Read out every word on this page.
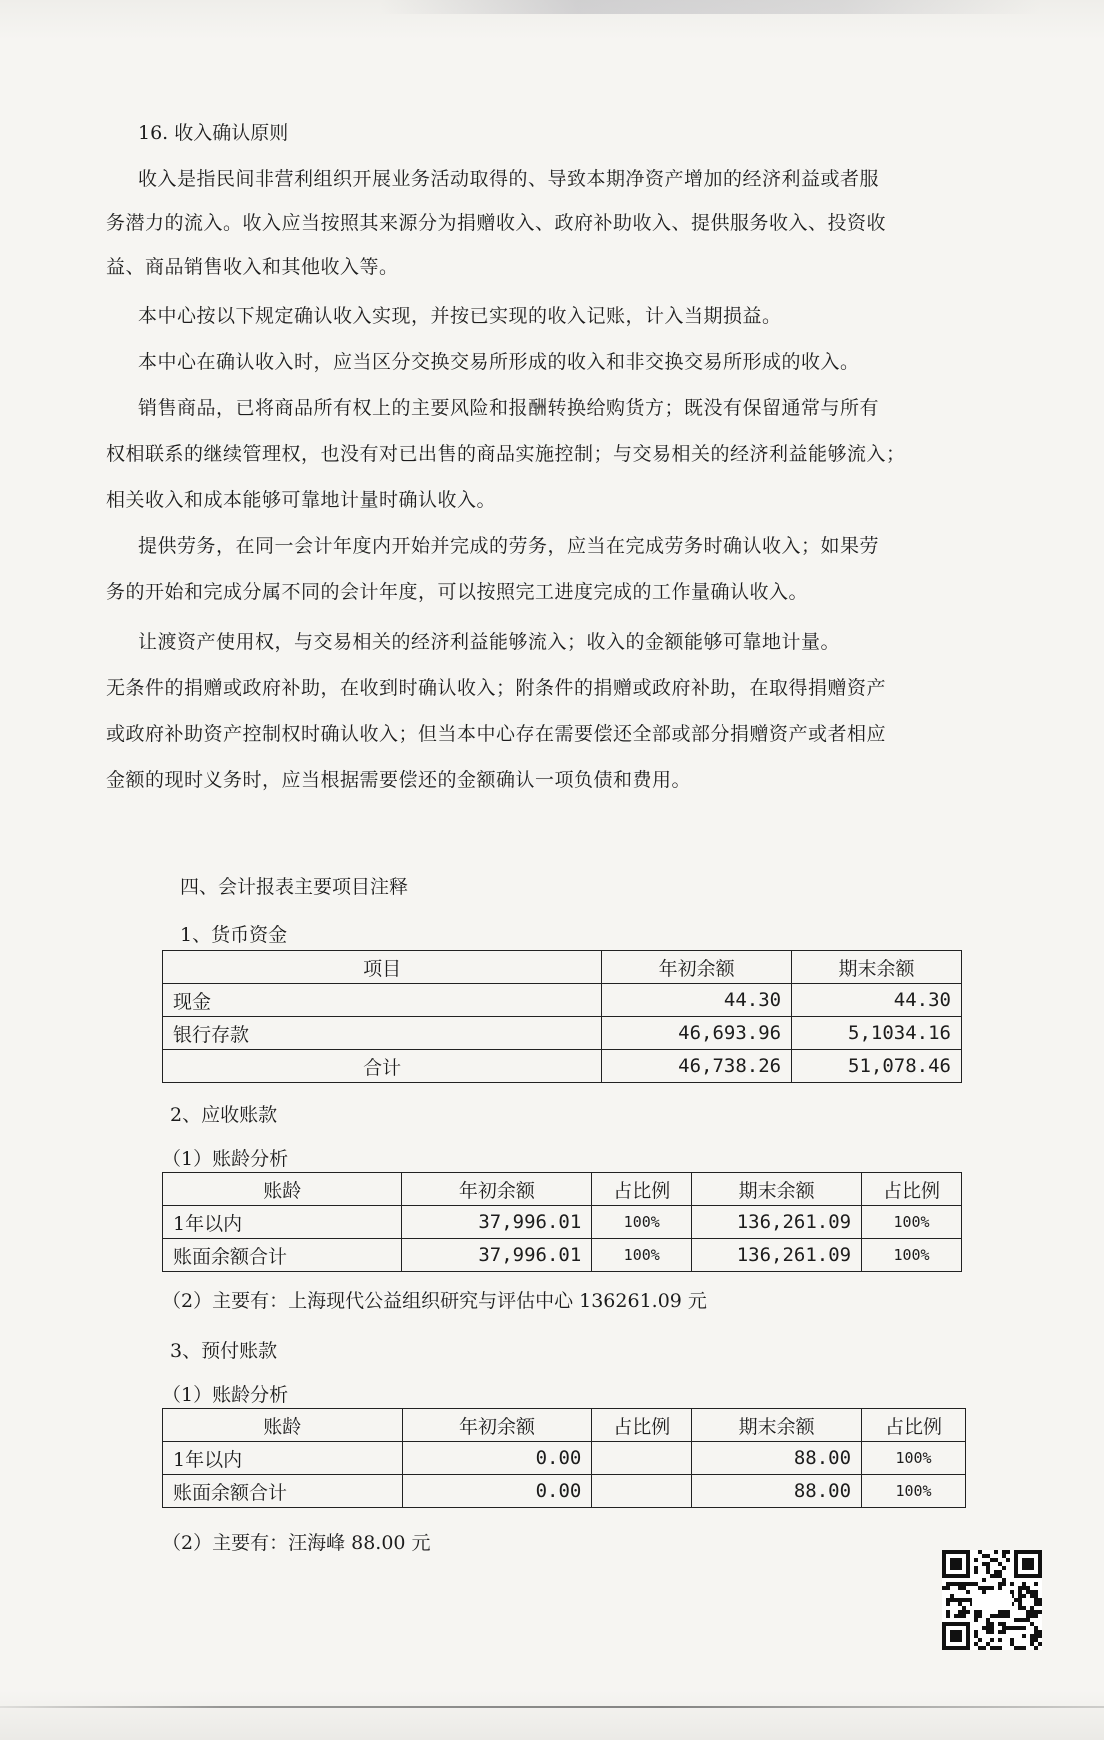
16. 收入确认原则
收入是指民间非营利组织开展业务活动取得的、导致本期净资产增加的经济利益或者服
务潜力的流入。收入应当按照其来源分为捐赠收入、政府补助收入、提供服务收入、投资收
益、商品销售收入和其他收入等。
本中心按以下规定确认收入实现，并按已实现的收入记账，计入当期损益。
本中心在确认收入时，应当区分交换交易所形成的收入和非交换交易所形成的收入。
销售商品，已将商品所有权上的主要风险和报酬转换给购货方；既没有保留通常与所有
权相联系的继续管理权，也没有对已出售的商品实施控制；与交易相关的经济利益能够流入；
相关收入和成本能够可靠地计量时确认收入。
提供劳务，在同一会计年度内开始并完成的劳务，应当在完成劳务时确认收入；如果劳
务的开始和完成分属不同的会计年度，可以按照完工进度完成的工作量确认收入。
让渡资产使用权，与交易相关的经济利益能够流入；收入的金额能够可靠地计量。
无条件的捐赠或政府补助，在收到时确认收入；附条件的捐赠或政府补助，在取得捐赠资产
或政府补助资产控制权时确认收入；但当本中心存在需要偿还全部或部分捐赠资产或者相应
金额的现时义务时，应当根据需要偿还的金额确认一项负债和费用。
四、会计报表主要项目注释
1、货币资金
项目	年初余额	期末余额
现金	44.30	44.30
银行存款	46,693.96	5,1034.16
合计	46,738.26	51,078.46
2、应收账款
（1）账龄分析
账龄	年初余额	占比例	期末余额	占比例
1年以内	37,996.01	100%	136,261.09	100%
账面余额合计	37,996.01	100%	136,261.09	100%
（2）主要有：上海现代公益组织研究与评估中心 136261.09 元
3、预付账款
（1）账龄分析
账龄	年初余额	占比例	期末余额	占比例
1年以内	0.00		88.00	100%
账面余额合计	0.00		88.00	100%
（2）主要有：汪海峰 88.00 元
